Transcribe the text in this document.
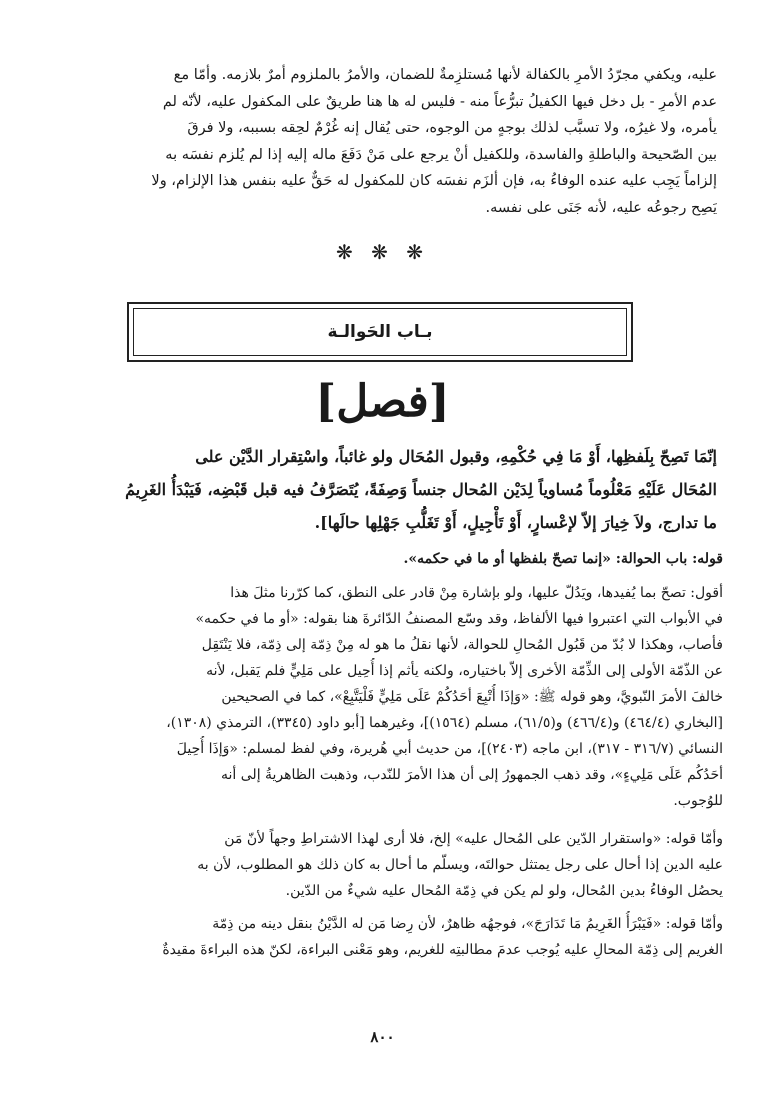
عليه، ويكفي مجرّدُ الأمرِ بالكفالة لأنها مُستلزِمةٌ للضمان، والأمرُ بالملزوم أمرٌ بلازمه. وأمّا مع
عدم الأمرِ - بل دخل فيها الكفيلُ تبرُّعاً منه - فليس له ها هنا طريقٌ على المكفول عليه، لأنّه لم
يأمره، ولا غيرُه، ولا تسبَّب لذلك بوجهٍ من الوجوه، حتى يُقال إنه غُرْمٌ لحِقه بسببه، ولا فرقَ
بين الصّحيحة والباطلةِ والفاسدة، وللكفيل أنْ يرجع على مَنْ دَفَعَ ماله إليه إذا لم يُلزم نفسَه به
إلزاماً يَجِب عليه عنده الوفاءُ به، فإن ألزَم نفسَه كان للمكفول له حَقٌّ عليه بنفس هذا الإلزام، ولا
يَصِح رجوعُه عليه، لأنه جَنَى على نفسه.
❋ ❋ ❋
بـاب الحَوالـة
[فصل]
إنّمَا تَصِحّ بِلَفظِها، أَوْ مَا فِي حُكْمِهِ، وقبول المُحَال ولو غائباً، واسْتِقرار الدَّيْن على
المُحَال عَلَيْهِ مَعْلُوماً مُساوياً لِدَيْن المُحال جنساً وَصِفَةً، يُتَصَرَّفُ فيه قبل قَبْضِه، فَيَبْدَأُ الغَرِيمُ
ما تدارج، ولاَ خِيارَ إلاّ لإعْسارٍ، أَوْ تَأْجِيلٍ، أَوْ تَغَلُّبِ جَهْلِها حالَها].
قوله: باب الحوالة: «إنما تصحّ بلفظها أو ما في حكمه».
أقول: تصحّ بما يُفيدها، ويَدُلّ عليها، ولو بإشارة مِنْ قادر على النطق، كما كرّرنا مثلَ هذا
في الأبواب التي اعتبروا فيها الألفاظ، وقد وسّع المصنفُ الدّائرةَ هنا بقوله: «أو ما في حكمه»
فأصاب، وهكذا لا بُدّ من قَبُول المُحالِ للحوالة، لأنها نقلُ ما هو له مِنْ ذِمّة إلى ذِمّة، فلا يَنْتَقِل
عن الذّمّة الأولى إلى الذِّمّة الأخرى إلاّ باختياره، ولكنه يأثم إذا أُحِيل على مَلِيٍّ فلم يَقبل، لأنه
خالفَ الأمرَ النّبويَّ، وهو قوله ﷺ: «وَإذَا أُتْبِعَ أحَدُكُمْ عَلَى مَلِيٍّ فَلْيَتَّبِعْ»، كما في الصحيحين
[البخاري (٤٦٤/٤) و(٤٦٦/٤) و(٦١/٥)، مسلم (١٥٦٤)]، وغيرهما [أبو داود (٣٣٤٥)، الترمذي (١٣٠٨)،
النسائي (٣١٦/٧ - ٣١٧)، ابن ماجه (٢٤٠٣)]، من حديث أبي هُريرة، وفي لفظ لمسلم: «وَإذَا أُحِيلَ
أحَدُكُم عَلَى مَلِيءٍ»، وقد ذهب الجمهورُ إلى أن هذا الأمرَ للنّدب، وذهبت الظاهريةُ إلى أنه
للوُجوب.
وأمّا قوله: «واستقرار الدّين على المُحال عليه» إلخ، فلا أرى لهذا الاشتراطِ وجهاً لأنّ مَن
عليه الدين إذا أحال على رجل يمتثل حوالتَه، ويسلّم ما أحال به كان ذلك هو المطلوب، لأن به
يحصُل الوفاءُ بدين المُحال، ولو لم يكن في ذِمّة المُحال عليه شيءٌ من الدّين.
وأمّا قوله: «فَيَبْرَأُ الغَرِيمُ مَا تَدَارَجَ»، فوجهُه ظاهرٌ، لأن رِضا مَن له الدَّيْنُ بنقل دينه من ذِمّة
الغريم إلى ذِمّة المحالِ عليه يُوجب عدمَ مطالبتِه للغريم، وهو مَعْنى البراءة، لكنّ هذه البراءةَ مقيدةٌ
٨٠٠
